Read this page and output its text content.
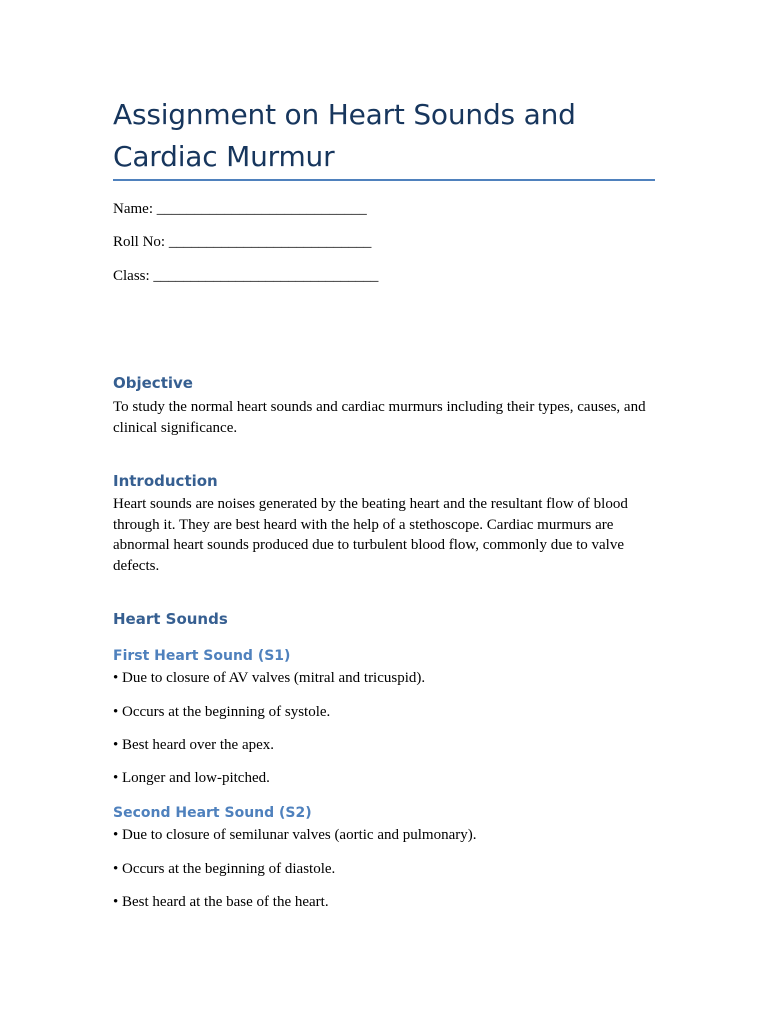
Assignment on Heart Sounds and Cardiac Murmur
Name: ____________________________
Roll No: ___________________________
Class: ______________________________
Objective

To study the normal heart sounds and cardiac murmurs including their types, causes, and clinical significance.

Introduction

Heart sounds are noises generated by the beating heart and the resultant flow of blood through it. They are best heard with the help of a stethoscope. Cardiac murmurs are abnormal heart sounds produced due to turbulent blood flow, commonly due to valve defects.

Heart Sounds
First Heart Sound (S1)

• Due to closure of AV valves (mitral and tricuspid).

• Occurs at the beginning of systole.

• Best heard over the apex.

• Longer and low-pitched.

Second Heart Sound (S2)

• Due to closure of semilunar valves (aortic and pulmonary).

• Occurs at the beginning of diastole.

• Best heard at the base of the heart.
